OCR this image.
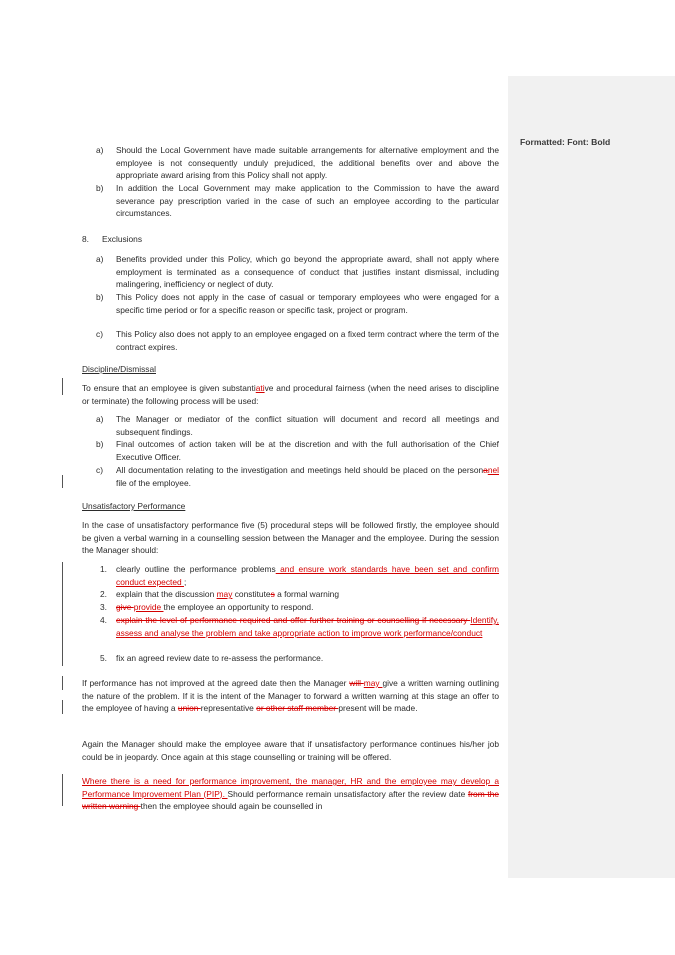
Formatted: Font: Bold
a) Should the Local Government have made suitable arrangements for alternative employment and the employee is not consequently unduly prejudiced, the additional benefits over and above the appropriate award arising from this Policy shall not apply.
b) In addition the Local Government may make application to the Commission to have the award severance pay prescription varied in the case of such an employee according to the particular circumstances.
8. Exclusions
a) Benefits provided under this Policy, which go beyond the appropriate award, shall not apply where employment is terminated as a consequence of conduct that justifies instant dismissal, including malingering, inefficiency or neglect of duty.
b) This Policy does not apply in the case of casual or temporary employees who were engaged for a specific time period or for a specific reason or specific task, project or program.
c) This Policy also does not apply to an employee engaged on a fixed term contract where the term of the contract expires.
Discipline/Dismissal
To ensure that an employee is given substantiative and procedural fairness (when the need arises to discipline or terminate) the following process will be used:
a) The Manager or mediator of the conflict situation will document and record all meetings and subsequent findings.
b) Final outcomes of action taken will be at the discretion and with the full authorisation of the Chief Executive Officer.
c) All documentation relating to the investigation and meetings held should be placed on the personanel file of the employee.
Unsatisfactory Performance
In the case of unsatisfactory performance five (5) procedural steps will be followed firstly, the employee should be given a verbal warning in a counselling session between the Manager and the employee. During the session the Manager should:
1. clearly outline the performance problems and ensure work standards have been set and confirm conduct expected ;
2. explain that the discussion may constitutes a formal warning
3. give provide the employee an opportunity to respond.
4. explain the level of performance required and offer further training or counselling if necessary Identify, assess and analyse the problem and take appropriate action to improve work performance/conduct
5. fix an agreed review date to re-assess the performance.
If performance has not improved at the agreed date then the Manager will may give a written warning outlining the nature of the problem. If it is the intent of the Manager to forward a written warning at this stage an offer to the employee of having a union representative or other staff member present will be made.
Again the Manager should make the employee aware that if unsatisfactory performance continues his/her job could be in jeopardy. Once again at this stage counselling or training will be offered.
Where there is a need for performance improvement, the manager, HR and the employee may develop a Performance Improvement Plan (PIP). Should performance remain unsatisfactory after the review date from the written warning then the employee should again be counselled in
